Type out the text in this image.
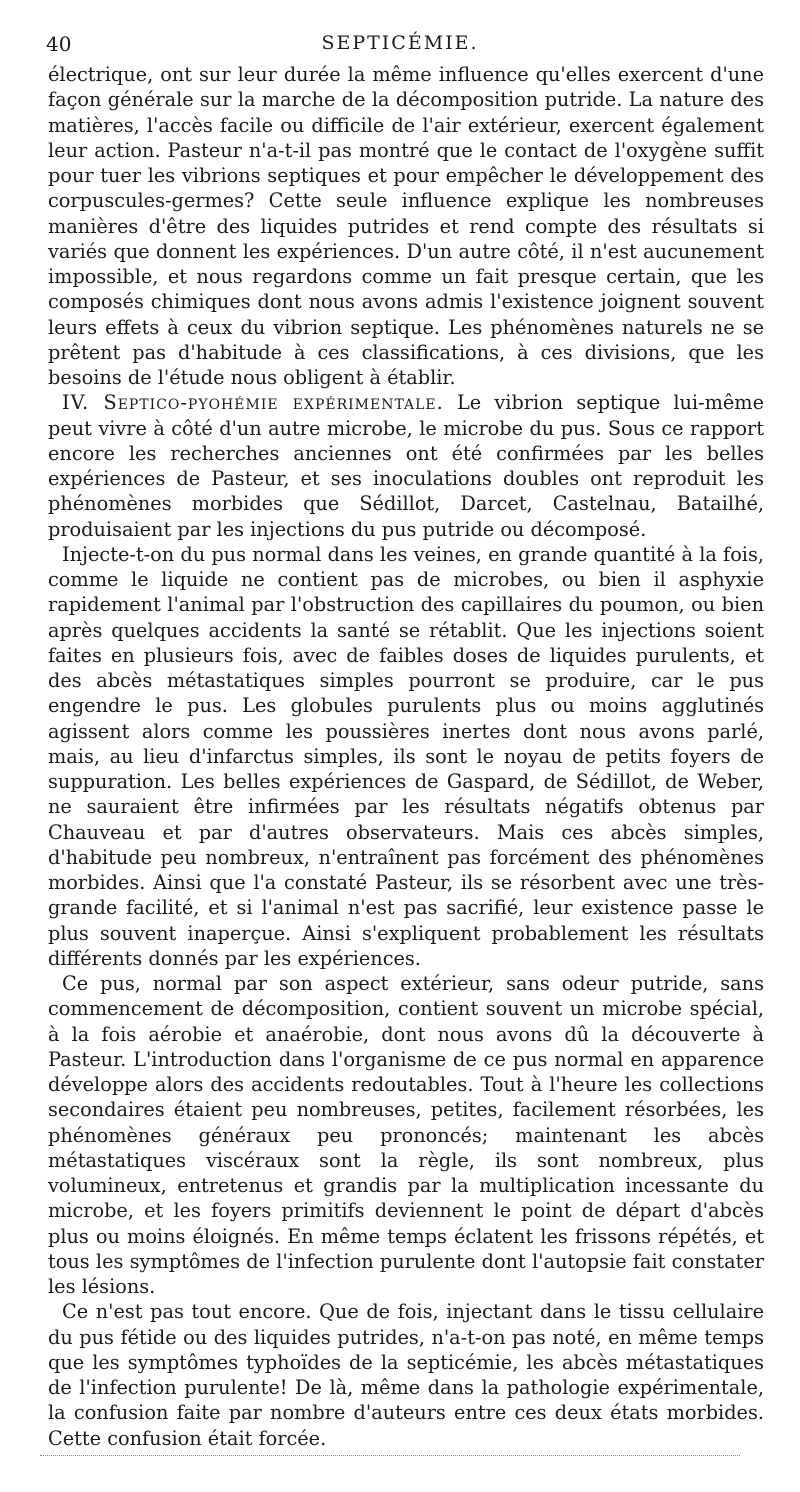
40	SEPTICÉMIE.

électrique, ont sur leur durée la même influence qu'elles exercent d'une façon générale sur la marche de la décomposition putride. La nature des matières, l'accès facile ou difficile de l'air extérieur, exercent également leur action. Pasteur n'a-t-il pas montré que le contact de l'oxygène suffit pour tuer les vibrions septiques et pour empêcher le développement des corpuscules-germes? Cette seule influence explique les nombreuses manières d'être des liquides putrides et rend compte des résultats si variés que donnent les expériences. D'un autre côté, il n'est aucunement impossible, et nous regardons comme un fait presque certain, que les composés chimiques dont nous avons admis l'existence joignent souvent leurs effets à ceux du vibrion septique. Les phénomènes naturels ne se prêtent pas d'habitude à ces classifications, à ces divisions, que les besoins de l'étude nous obligent à établir.

IV. Septico-pyohémie expérimentale. Le vibrion septique lui-même peut vivre à côté d'un autre microbe, le microbe du pus. Sous ce rapport encore les recherches anciennes ont été confirmées par les belles expériences de Pasteur, et ses inoculations doubles ont reproduit les phénomènes morbides que Sédillot, Darcet, Castelnau, Batailhé, produisaient par les injections du pus putride ou décomposé.

Injecte-t-on du pus normal dans les veines, en grande quantité à la fois, comme le liquide ne contient pas de microbes, ou bien il asphyxie rapidement l'animal par l'obstruction des capillaires du poumon, ou bien après quelques accidents la santé se rétablit. Que les injections soient faites en plusieurs fois, avec de faibles doses de liquides purulents, et des abcès métastatiques simples pourront se produire, car le pus engendre le pus. Les globules purulents plus ou moins agglutinés agissent alors comme les poussières inertes dont nous avons parlé, mais, au lieu d'infarctus simples, ils sont le noyau de petits foyers de suppuration. Les belles expériences de Gaspard, de Sédillot, de Weber, ne sauraient être infirmées par les résultats négatifs obtenus par Chauveau et par d'autres observateurs. Mais ces abcès simples, d'habitude peu nombreux, n'entraînent pas forcément des phénomènes morbides. Ainsi que l'a constaté Pasteur, ils se résorbent avec une très-grande facilité, et si l'animal n'est pas sacrifié, leur existence passe le plus souvent inaperçue. Ainsi s'expliquent probablement les résultats différents donnés par les expériences.

Ce pus, normal par son aspect extérieur, sans odeur putride, sans commencement de décomposition, contient souvent un microbe spécial, à la fois aérobie et anaérobie, dont nous avons dû la découverte à Pasteur. L'introduction dans l'organisme de ce pus normal en apparence développe alors des accidents redoutables. Tout à l'heure les collections secondaires étaient peu nombreuses, petites, facilement résorbées, les phénomènes généraux peu prononcés; maintenant les abcès métastatiques viscéraux sont la règle, ils sont nombreux, plus volumineux, entretenus et grandis par la multiplication incessante du microbe, et les foyers primitifs deviennent le point de départ d'abcès plus ou moins éloignés. En même temps éclatent les frissons répétés, et tous les symptômes de l'infection purulente dont l'autopsie fait constater les lésions.

Ce n'est pas tout encore. Que de fois, injectant dans le tissu cellulaire du pus fétide ou des liquides putrides, n'a-t-on pas noté, en même temps que les symptômes typhoïdes de la septicémie, les abcès métastatiques de l'infection purulente! De là, même dans la pathologie expérimentale, la confusion faite par nombre d'auteurs entre ces deux états morbides. Cette confusion était forcée.
